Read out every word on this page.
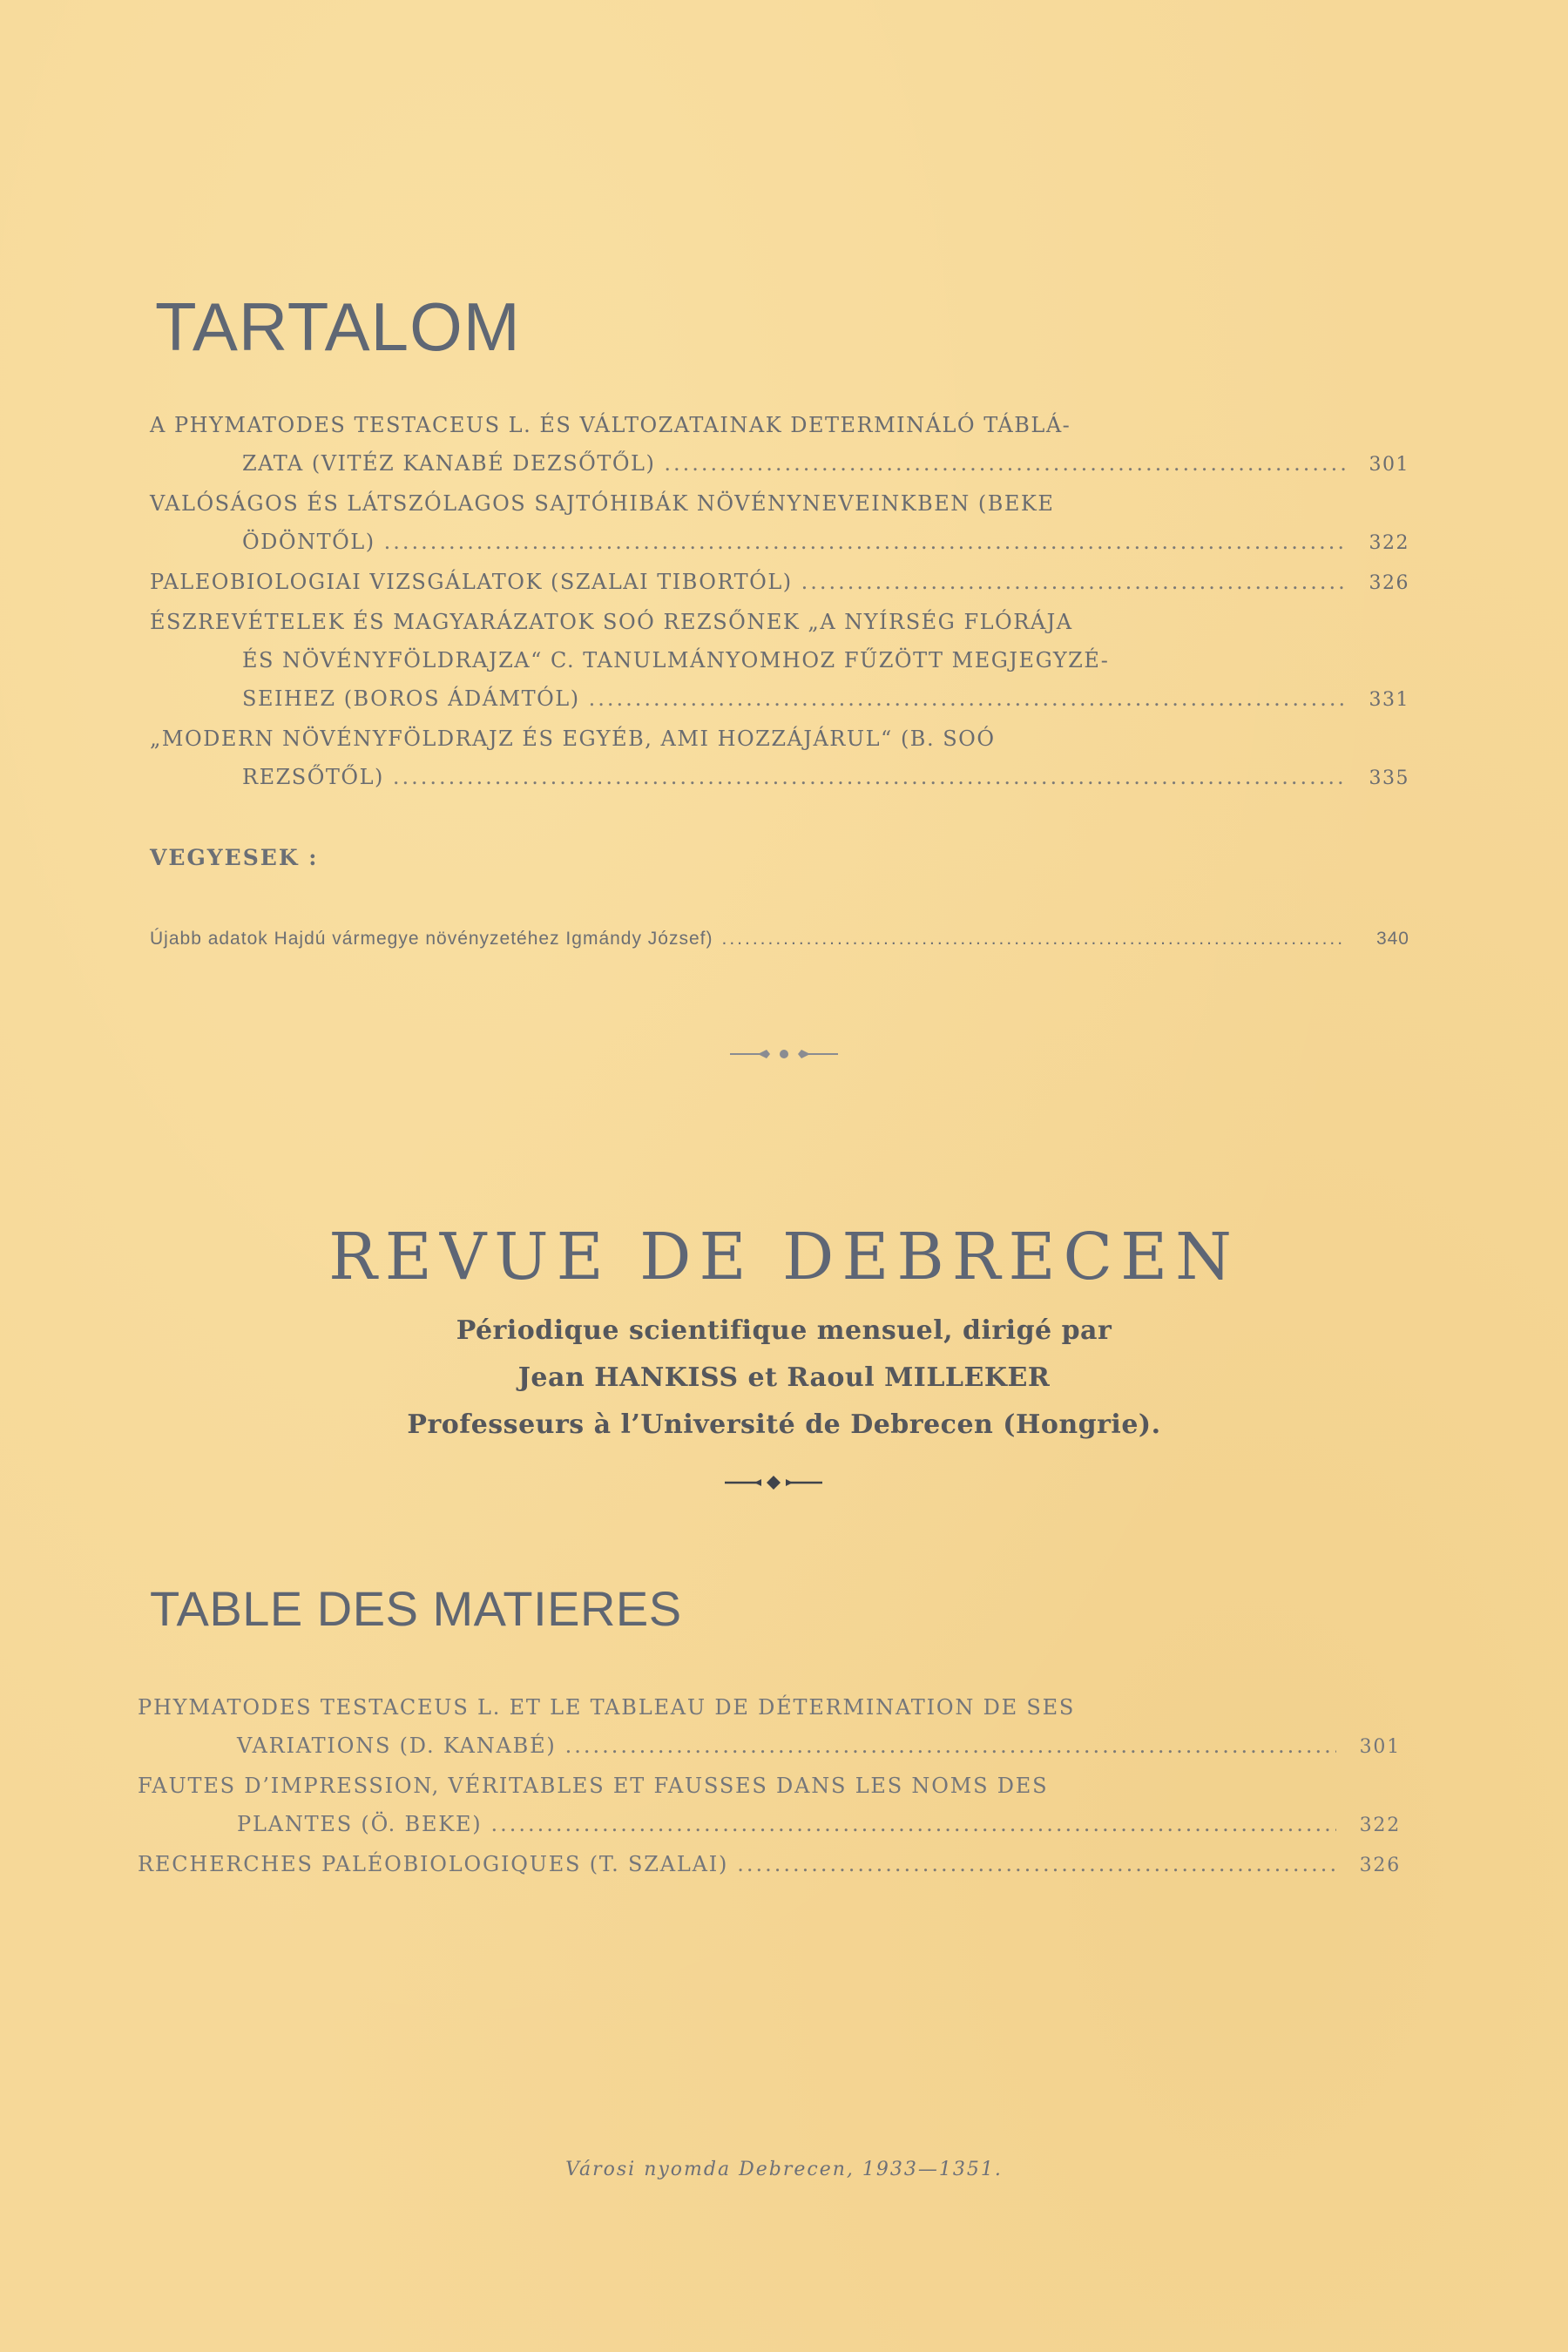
TARTALOM
A PHYMATODES TESTACEUS L. ÉS VÁLTOZATAINAK DETERMINÁLÓ TÁBLÁ-
ZATA (VITÉZ KANABÉ DEZSŐTŐL) .....	301
VALÓSÁGOS ÉS LÁTSZÓLAGOS SAJTÓHIBÁK NÖVÉNYNEVEINKBEN (BEKE
ÖDÖNTŐL) .....	322
PALEOBIOLOGIAI VIZSGÁLATOK (SZALAI TIBORTÓL) .....	326
ÉSZREVÉTELEK ÉS MAGYARÁZATOK SOÓ REZSŐNEK „A NYÍRSÉG FLÓRÁJA
ÉS NÖVÉNYFÖLDRAJZA“ C. TANULMÁNYOMHOZ FŰZÖTT MEGJEGYZÉ-
SEIHEZ (BOROS ÁDÁMTÓL) .....	331
„MODERN NÖVÉNYFÖLDRAJZ ÉS EGYÉB, AMI HOZZÁJÁRUL“ (B. SOÓ
REZSŐTŐL) .....	335
VEGYESEK :
Újabb adatok Hajdú vármegye növényzetéhez Igmándy József) .....	340
REVUE DE DEBRECEN
Périodique scientifique mensuel, dirigé par
Jean HANKISS et Raoul MILLEKER
Professeurs à l’Université de Debrecen (Hongrie).
TABLE DES MATIERES
PHYMATODES TESTACEUS L. ET LE TABLEAU DE DÉTERMINATION DE SES
VARIATIONS (D. KANABÉ) .....	301
FAUTES D’IMPRESSION, VÉRITABLES ET FAUSSES DANS LES NOMS DES
PLANTES (Ö. BEKE) .....	322
RECHERCHES PALÉOBIOLOGIQUES (T. SZALAI) .....	326
Városi nyomda Debrecen, 1933—1351.
